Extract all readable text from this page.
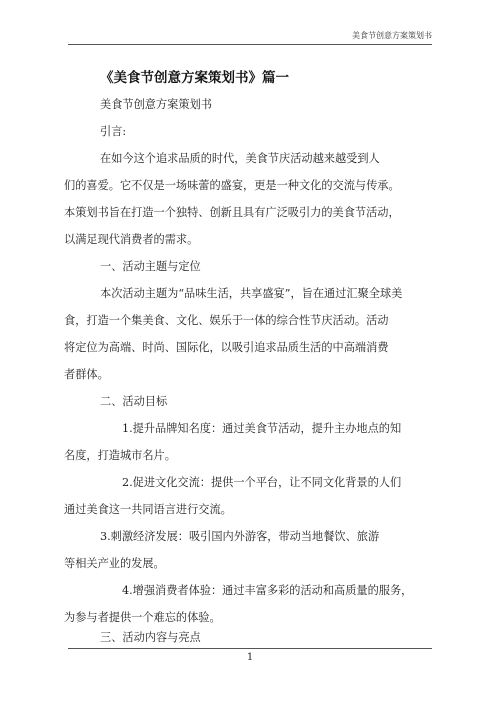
美食节创意方案策划书
《美食节创意方案策划书》篇一
美食节创意方案策划书
引言:
在如今这个追求品质的时代，美食节庆活动越来越受到人
们的喜爱。它不仅是一场味蕾的盛宴，更是一种文化的交流与传承。
本策划书旨在打造一个独特、创新且具有广泛吸引力的美食节活动，
以满足现代消费者的需求。
一、活动主题与定位
本次活动主题为“品味生活，共享盛宴”，旨在通过汇聚全球美
食，打造一个集美食、文化、娱乐于一体的综合性节庆活动。活动
将定位为高端、时尚、国际化，以吸引追求品质生活的中高端消费
者群体。
二、活动目标
1.提升品牌知名度：通过美食节活动，提升主办地点的知
名度，打造城市名片。
2.促进文化交流：提供一个平台，让不同文化背景的人们
通过美食这一共同语言进行交流。
3.刺激经济发展：吸引国内外游客，带动当地餐饮、旅游
等相关产业的发展。
4.增强消费者体验：通过丰富多彩的活动和高质量的服务，
为参与者提供一个难忘的体验。
三、活动内容与亮点
1
